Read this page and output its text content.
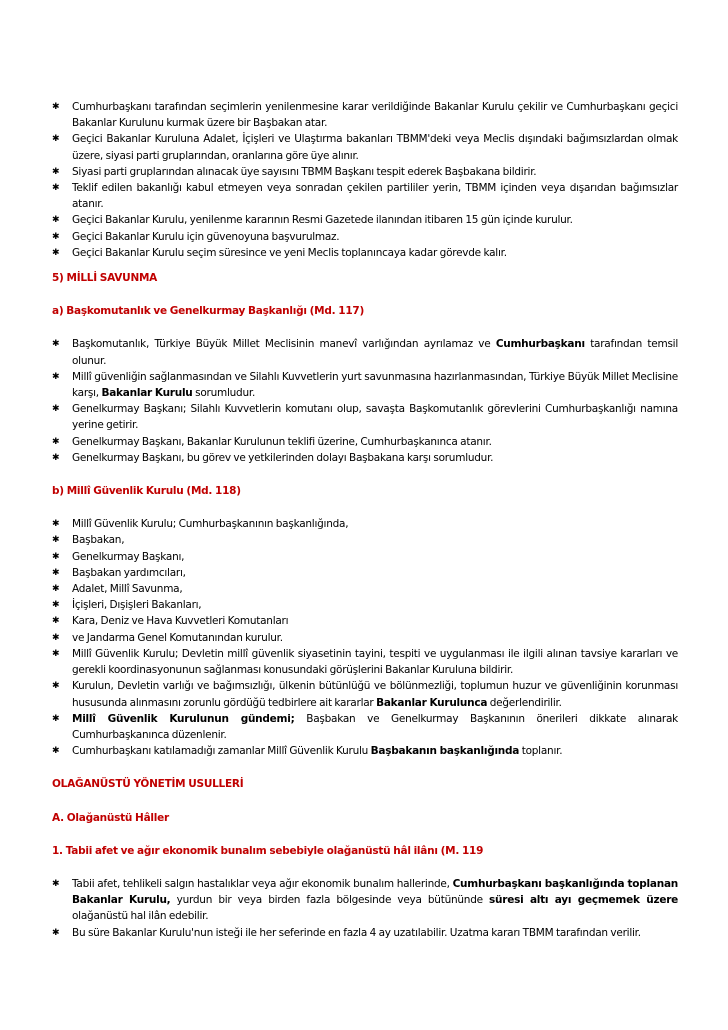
✱ Cumhurbaşkanı tarafından seçimlerin yenilenmesine karar verildiğinde Bakanlar Kurulu çekilir ve Cumhurbaşkanı geçici Bakanlar Kurulunu kurmak üzere bir Başbakan atar.
✱ Geçici Bakanlar Kuruluna Adalet, İçişleri ve Ulaştırma bakanları TBMM'deki veya Meclis dışındaki bağımsızlardan olmak üzere, siyasi parti gruplarından, oranlarına göre üye alınır.
✱ Siyasi parti gruplarından alınacak üye sayısını TBMM Başkanı tespit ederek Başbakana bildirir.
✱ Teklif edilen bakanlığı kabul etmeyen veya sonradan çekilen partililer yerin, TBMM içinden veya dışarıdan bağımsızlar atanır.
✱ Geçici Bakanlar Kurulu, yenilenme kararının Resmi Gazetede ilanından itibaren 15 gün içinde kurulur.
✱ Geçici Bakanlar Kurulu için güvenoyuna başvurulmaz.
✱ Geçici Bakanlar Kurulu seçim süresince ve yeni Meclis toplanıncaya kadar görevde kalır.

5) MİLLİ SAVUNMA

a) Başkomutanlık ve Genelkurmay Başkanlığı (Md. 117)

✱ Başkomutanlık, Türkiye Büyük Millet Meclisinin manevî varlığından ayrılamaz ve Cumhurbaşkanı tarafından temsil olunur.
✱ Millî güvenliğin sağlanmasından ve Silahlı Kuvvetlerin yurt savunmasına hazırlanmasından, Türkiye Büyük Millet Meclisine karşı, Bakanlar Kurulu sorumludur.
✱ Genelkurmay Başkanı; Silahlı Kuvvetlerin komutanı olup, savaşta Başkomutanlık görevlerini Cumhurbaşkanlığı namına yerine getirir.
✱ Genelkurmay Başkanı, Bakanlar Kurulunun teklifi üzerine, Cumhurbaşkanınca atanır.
✱ Genelkurmay Başkanı, bu görev ve yetkilerinden dolayı Başbakana karşı sorumludur.

b) Millî Güvenlik Kurulu (Md. 118)

✱ Millî Güvenlik Kurulu; Cumhurbaşkanının başkanlığında,
✱ Başbakan,
✱ Genelkurmay Başkanı,
✱ Başbakan yardımcıları,
✱ Adalet, Millî Savunma,
✱ İçişleri, Dışişleri Bakanları,
✱ Kara, Deniz ve Hava Kuvvetleri Komutanları
✱ ve Jandarma Genel Komutanından kurulur.
✱ Millî Güvenlik Kurulu; Devletin millî güvenlik siyasetinin tayini, tespiti ve uygulanması ile ilgili alınan tavsiye kararları ve gerekli koordinasyonunun sağlanması konusundaki görüşlerini Bakanlar Kuruluna bildirir.
✱ Kurulun, Devletin varlığı ve bağımsızlığı, ülkenin bütünlüğü ve bölünmezliği, toplumun huzur ve güvenliğinin korunması hususunda alınmasını zorunlu gördüğü tedbirlere ait kararlar Bakanlar Kurulunca değerlendirilir.
✱ Millî Güvenlik Kurulunun gündemi; Başbakan ve Genelkurmay Başkanının önerileri dikkate alınarak Cumhurbaşkanınca düzenlenir.
✱ Cumhurbaşkanı katılamadığı zamanlar Millî Güvenlik Kurulu Başbakanın başkanlığında toplanır.

OLAĞANÜSTÜ YÖNETİM USULLERİ

A. Olağanüstü Hâller

1. Tabii afet ve ağır ekonomik bunalım sebebiyle olağanüstü hâl ilânı (M. 119

✱ Tabii afet, tehlikeli salgın hastalıklar veya ağır ekonomik bunalım hallerinde, Cumhurbaşkanı başkanlığında toplanan Bakanlar Kurulu, yurdun bir veya birden fazla bölgesinde veya bütününde süresi altı ayı geçmemek üzere olağanüstü hal ilân edebilir.
✱ Bu süre Bakanlar Kurulu'nun isteği ile her seferinde en fazla 4 ay uzatılabilir. Uzatma kararı TBMM tarafından verilir.
